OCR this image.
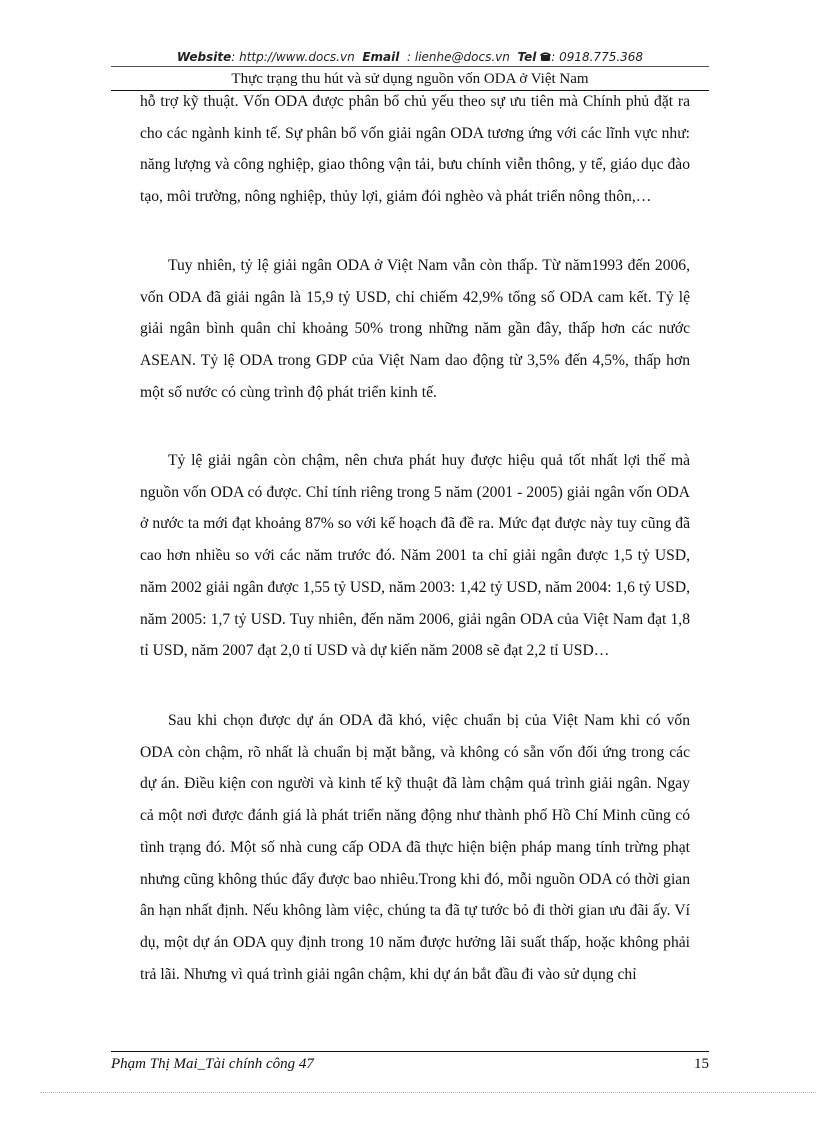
Website: http://www.docs.vn Email : lienhe@docs.vn Tel : 0918.775.368
Thực trạng thu hút và sử dụng nguồn vốn ODA ở Việt Nam

hỗ trợ kỹ thuật. Vốn ODA được phân bổ chủ yếu theo sự ưu tiên mà Chính phủ đặt ra cho các ngành kinh tế. Sự phân bổ vốn giải ngân ODA tương ứng với các lĩnh vực như: năng lượng và công nghiệp, giao thông vận tải, bưu chính viễn thông, y tế, giáo dục đào tạo, môi trường, nông nghiệp, thủy lợi, giảm đói nghèo và phát triển nông thôn,…

Tuy nhiên, tỷ lệ giải ngân ODA ở Việt Nam vẫn còn thấp. Từ năm1993 đến 2006, vốn ODA đã giải ngân là 15,9 tỷ USD, chỉ chiếm 42,9% tổng số ODA cam kết. Tỷ lệ giải ngân bình quân chỉ khoảng 50% trong những năm gần đây, thấp hơn các nước ASEAN. Tỷ lệ ODA trong GDP của Việt Nam dao động từ 3,5% đến 4,5%, thấp hơn một số nước có cùng trình độ phát triển kinh tế.

Tỷ lệ giải ngân còn chậm, nên chưa phát huy được hiệu quả tốt nhất lợi thế mà nguồn vốn ODA có được. Chỉ tính riêng trong 5 năm (2001 - 2005) giải ngân vốn ODA ở nước ta mới đạt khoảng 87% so với kế hoạch đã đề ra. Mức đạt được này tuy cũng đã cao hơn nhiều so với các năm trước đó. Năm 2001 ta chỉ giải ngân được 1,5 tỷ USD, năm 2002 giải ngân được 1,55 tỷ USD, năm 2003: 1,42 tỷ USD, năm 2004: 1,6 tỷ USD, năm 2005: 1,7 tỷ USD. Tuy nhiên, đến năm 2006, giải ngân ODA của Việt Nam đạt 1,8 tỉ USD, năm 2007 đạt 2,0 tỉ USD và dự kiến năm 2008 sẽ đạt 2,2 tỉ USD…

Sau khi chọn được dự án ODA đã khó, việc chuẩn bị của Việt Nam khi có vốn ODA còn chậm, rõ nhất là chuẩn bị mặt bằng, và không có sẵn vốn đối ứng trong các dự án. Điều kiện con người và kinh tế kỹ thuật đã làm chậm quá trình giải ngân. Ngay cả một nơi được đánh giá là phát triển năng động như thành phố Hồ Chí Minh cũng có tình trạng đó. Một số nhà cung cấp ODA đã thực hiện biện pháp mang tính trừng phạt nhưng cũng không thúc đẩy được bao nhiêu.Trong khi đó, mỗi nguồn ODA có thời gian ân hạn nhất định. Nếu không làm việc, chúng ta đã tự tước bỏ đi thời gian ưu đãi ấy. Ví dụ, một dự án ODA quy định trong 10 năm được hưởng lãi suất thấp, hoặc không phải trả lãi. Nhưng vì quá trình giải ngân chậm, khi dự án bắt đầu đi vào sử dụng chỉ

Phạm Thị Mai_Tài chính công 47	15
